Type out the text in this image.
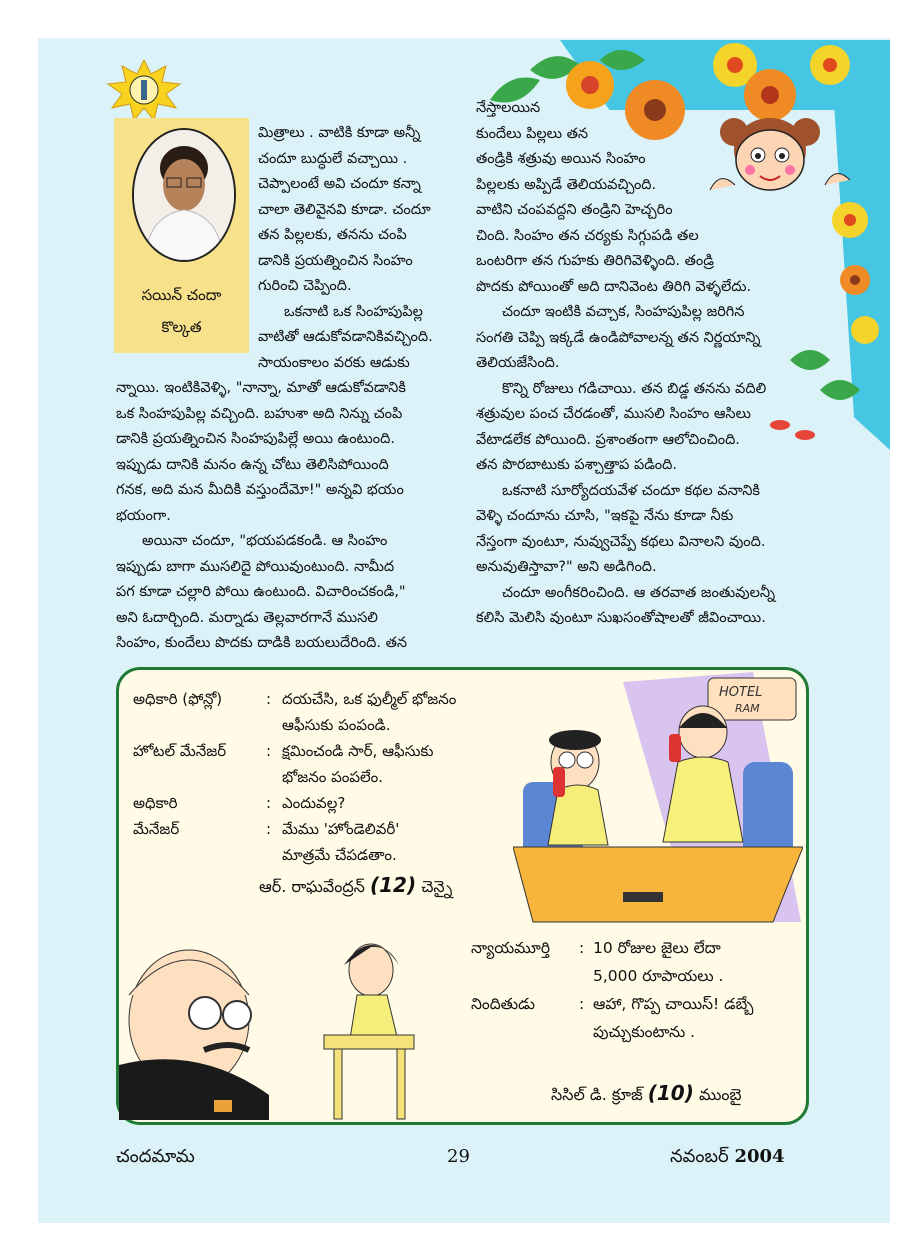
సయిన్ చందా
కొల్కత

మిత్రాలు . వాటికి కూడా అన్నీ
చందూ బుద్ధులే వచ్చాయి .
చెప్పాలంటే అవి చందూ కన్నా
చాలా తెలివైనవి కూడా. చందూ
తన పిల్లలకు, తనను చంపి
డానికి ప్రయత్నించిన సింహం
గురించి చెప్పింది.

ఒకనాటి ఒక సింహపుపిల్ల
వాటితో ఆడుకోవడానికివచ్చింది.
సాయంకాలం వరకు ఆడుకు

న్నాయి. ఇంటికివెళ్ళి, "నాన్నా, మాతో ఆడుకోవడానికి
ఒక సింహపుపిల్ల వచ్చింది. బహుశా అది నిన్ను చంపి
డానికి ప్రయత్నించిన సింహపుపిల్లే అయి ఉంటుంది.
ఇప్పుడు దానికి మనం ఉన్న చోటు తెలిసిపోయింది
గనక, అది మన మీదికి వస్తుందేమో!" అన్నవి భయం
భయంగా.

అయినా చందూ, "భయపడకండి. ఆ సింహం
ఇప్పుడు బాగా ముసలిదై పోయివుంటుంది. నామీద
పగ కూడా చల్లారి పోయి ఉంటుంది. విచారించకండి,"
అని ఓదార్చింది. మర్నాడు తెల్లవారగానే ముసలి
సింహం, కుందేలు పొదకు దాడికి బయలుదేరింది. తన

నేస్తాలయిన
కుందేలు పిల్లలు తన
తండ్రికి శత్రువు అయిన సింహం
పిల్లలకు అప్పిడే తెలియవచ్చింది.
వాటిని చంపవద్దని తండ్రిని హెచ్చరిం
చింది. సింహం తన చర్యకు సిగ్గుపడి తల
ఒంటరిగా తన గుహకు తిరిగివెళ్ళింది. తండ్రి
పొదకు పోయింతో అది దానివెంట తిరిగి వెళ్ళలేదు.

చందూ ఇంటికి వచ్చాక, సింహపుపిల్ల జరిగిన
సంగతి చెప్పి ఇక్కడే ఉండిపోవాలన్న తన నిర్ణయాన్ని
తెలియజేసింది.

కొన్ని రోజులు గడిచాయి. తన బిడ్డ తనను వదిలి
శత్రువుల పంచ చేరడంతో, ముసలి సింహం ఆసిలు
వేటాడలేక పోయింది. ప్రశాంతంగా ఆలోచించింది.
తన పొరబాటుకు పశ్చాత్తాప పడింది.

ఒకనాటి సూర్యోదయవేళ చందూ కథల వనానికి
వెళ్ళి చందూను చూసి, "ఇకపై నేను కూడా నీకు
నేస్తంగా వుంటూ, నువ్వుచెప్పే కథలు వినాలని వుంది.
అనువుతిస్తావా?" అని అడిగింది.

చందూ అంగీకరించింది. ఆ తరవాత జంతువులన్నీ
కలిసి మెలిసి వుంటూ సుఖసంతోషాలతో జీవించాయి.

అధికారి (ఫోన్లో)	: దయచేసి, ఒక ఫుల్మీల్ భోజనం
ఆఫీసుకు పంపండి.
హోటల్ మేనేజర్	: క్షమించండి సార్, ఆఫీసుకు
భోజనం పంపలేం.
అధికారి	: ఎందువల్ల?
మేనేజర్	: మేము 'హోండెలివరీ'
మాత్రమే చేపడతాం.
ఆర్. రాఘవేంద్రన్ (12) చెన్నై
HOTEL
RAM
న్యాయమూర్తి : 10 రోజుల జైలు లేదా
5,000 రూపాయలు .
నిందితుడు	: ఆహా, గొప్ప చాయిస్! డబ్బే
పుచ్చుకుంటాను .
సిసిల్ డి. క్రూజ్ (10) ముంబై
చందమామ	29	నవంబర్ 2004
